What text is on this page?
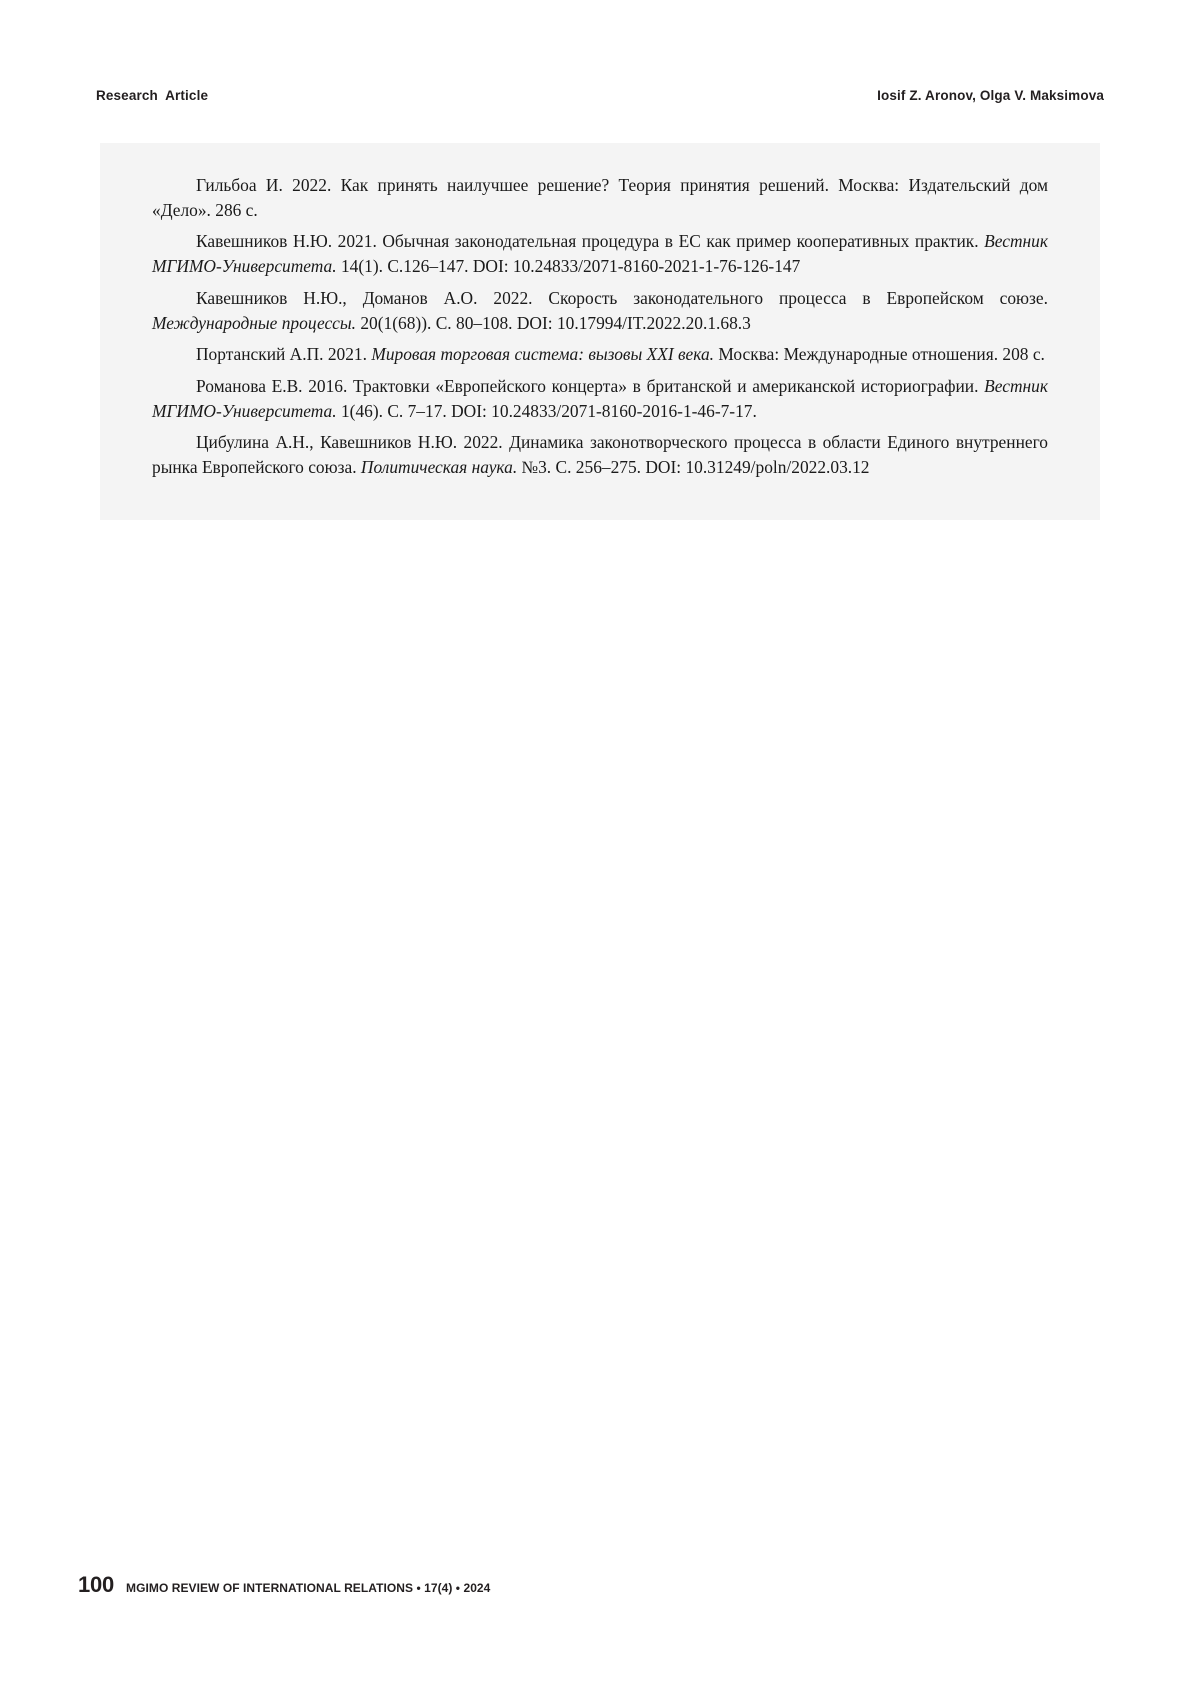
Research  Article	Iosif Z. Aronov, Olga V. Maksimova

Гильбоа И. 2022. Как принять наилучшее решение? Теория принятия решений. Москва: Издательский дом «Дело». 286 с.

Кавешников Н.Ю. 2021. Обычная законодательная процедура в ЕС как пример кооперативных практик. Вестник МГИМО-Университета. 14(1). С.126–147. DOI: 10.24833/2071-8160-2021-1-76-126-147

Кавешников Н.Ю., Доманов А.О. 2022. Скорость законодательного процесса в Европейском союзе. Международные процессы. 20(1(68)). С. 80–108. DOI: 10.17994/IT.2022.20.1.68.3

Портанский А.П. 2021. Мировая торговая система: вызовы XXI века. Москва: Международные отношения. 208 с.

Романова Е.В. 2016. Трактовки «Европейского концерта» в британской и американской историографии. Вестник МГИМО-Университета. 1(46). С. 7–17. DOI: 10.24833/2071-8160-2016-1-46-7-17.

Цибулина А.Н., Кавешников Н.Ю. 2022. Динамика законотворческого процесса в области Единого внутреннего рынка Европейского союза. Политическая наука. №3. С. 256–275. DOI: 10.31249/poln/2022.03.12

100 MGIMO REVIEW OF INTERNATIONAL RELATIONS • 17(4) • 2024
